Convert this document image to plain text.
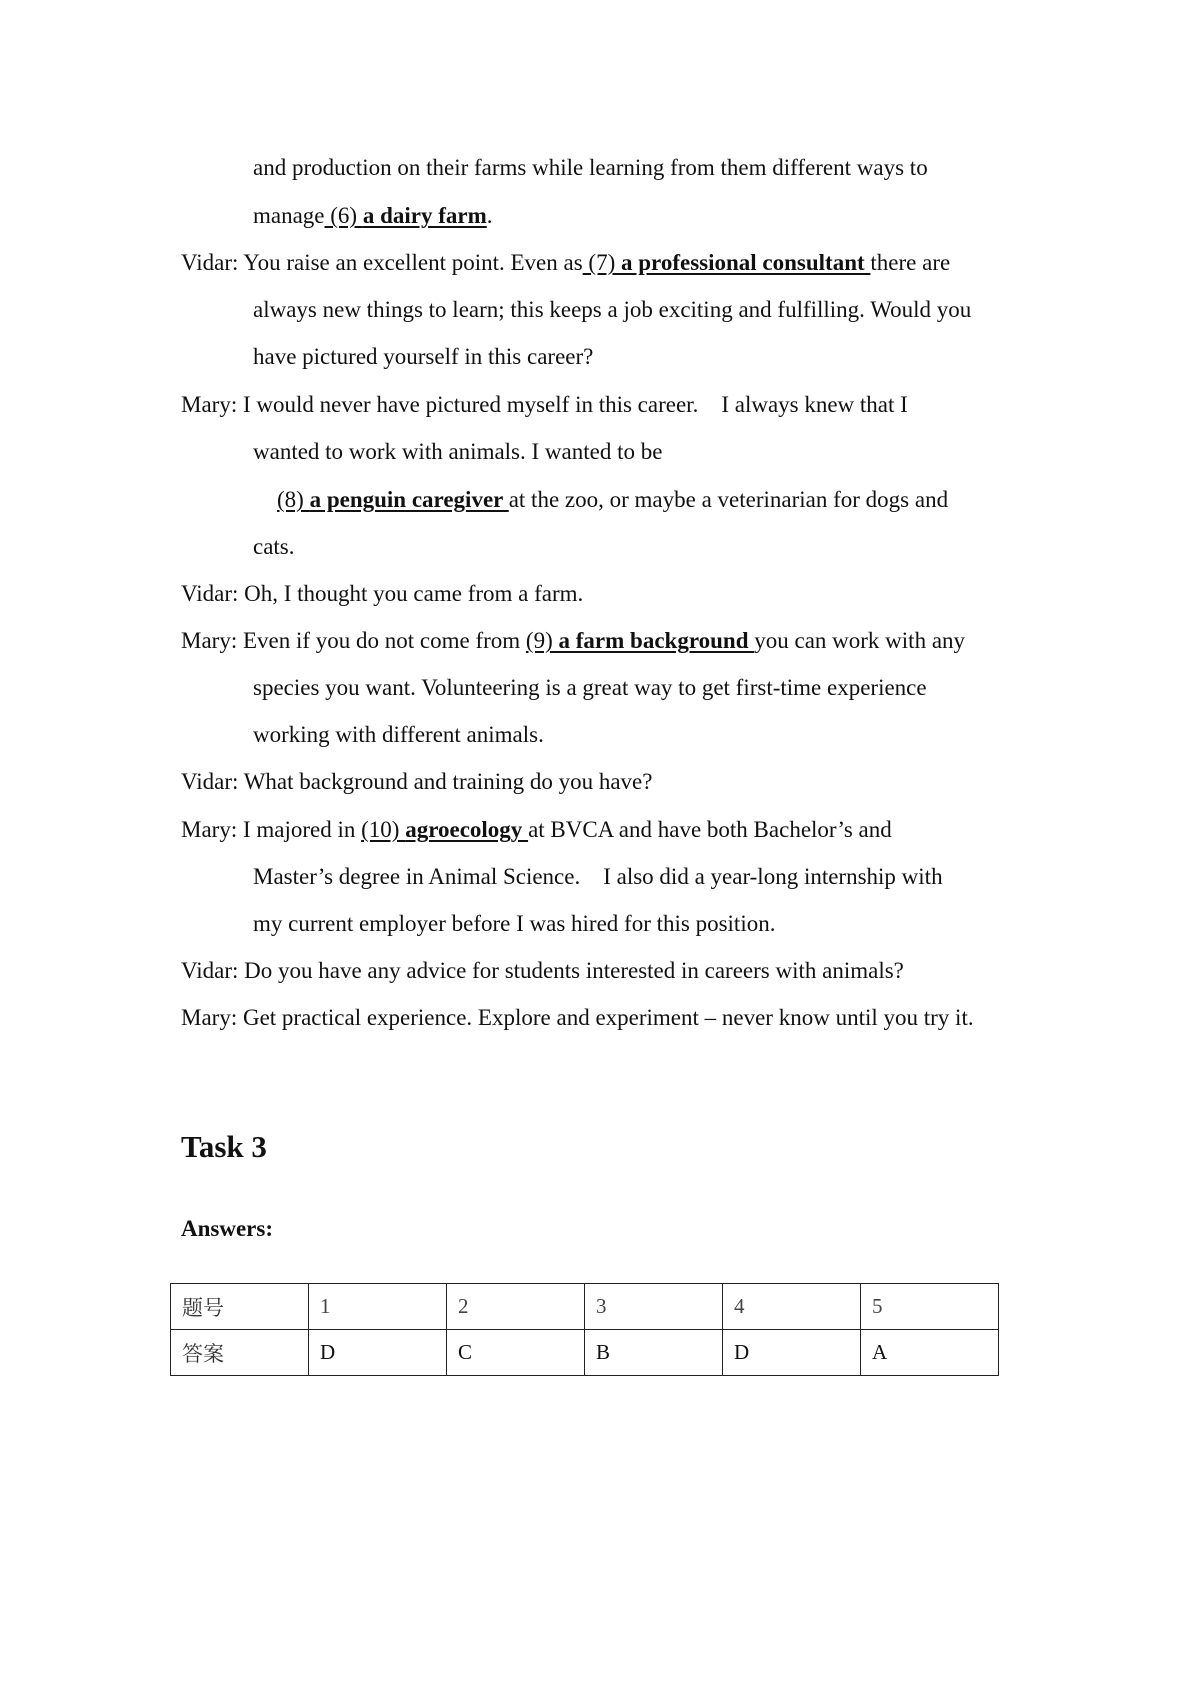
and production on their farms while learning from them different ways to
manage (6) a dairy farm.
Vidar: You raise an excellent point. Even as (7) a professional consultant there are
always new things to learn; this keeps a job exciting and fulfilling. Would you
have pictured yourself in this career?
Mary: I would never have pictured myself in this career.    I always knew that I
wanted to work with animals. I wanted to be
(8) a penguin caregiver at the zoo, or maybe a veterinarian for dogs and
cats.
Vidar: Oh, I thought you came from a farm.
Mary: Even if you do not come from (9) a farm background you can work with any
species you want. Volunteering is a great way to get first-time experience
working with different animals.
Vidar: What background and training do you have?
Mary: I majored in (10) agroecology at BVCA and have both Bachelor’s and
Master’s degree in Animal Science.    I also did a year-long internship with
my current employer before I was hired for this position.
Vidar: Do you have any advice for students interested in careers with animals?
Mary: Get practical experience. Explore and experiment – never know until you try it.
Task 3
Answers:
题号	1	2	3	4	5
答案	D	C	B	D	A
